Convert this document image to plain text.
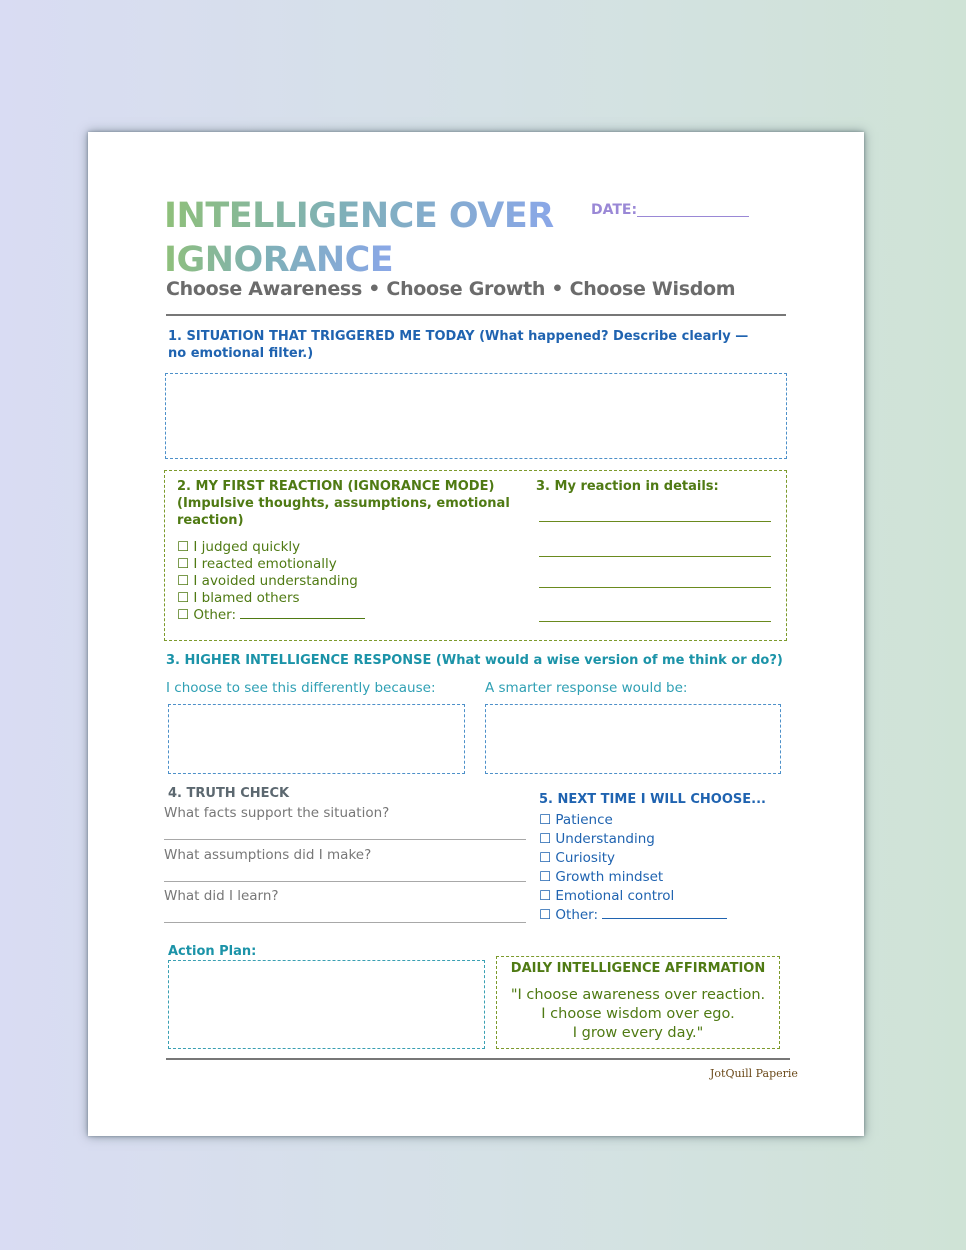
INTELLIGENCE OVER
IGNORANCE
DATE:
Choose Awareness • Choose Growth • Choose Wisdom
1. SITUATION THAT TRIGGERED ME TODAY (What happened? Describe clearly —
no emotional filter.)
2. MY FIRST REACTION (IGNORANCE MODE)
(Impulsive thoughts, assumptions, emotional
reaction)
☐ I judged quickly
☐ I reacted emotionally
☐ I avoided understanding
☐ I blamed others
☐ Other:
3. My reaction in details:
3. HIGHER INTELLIGENCE RESPONSE (What would a wise version of me think or do?)
I choose to see this differently because:	A smarter response would be:
4. TRUTH CHECK
What facts support the situation?
What assumptions did I make?
What did I learn?
5. NEXT TIME I WILL CHOOSE...
☐ Patience
☐ Understanding
☐ Curiosity
☐ Growth mindset
☐ Emotional control
☐ Other:
Action Plan:
DAILY INTELLIGENCE AFFIRMATION
"I choose awareness over reaction.
I choose wisdom over ego.
I grow every day."
JotQuill Paperie
